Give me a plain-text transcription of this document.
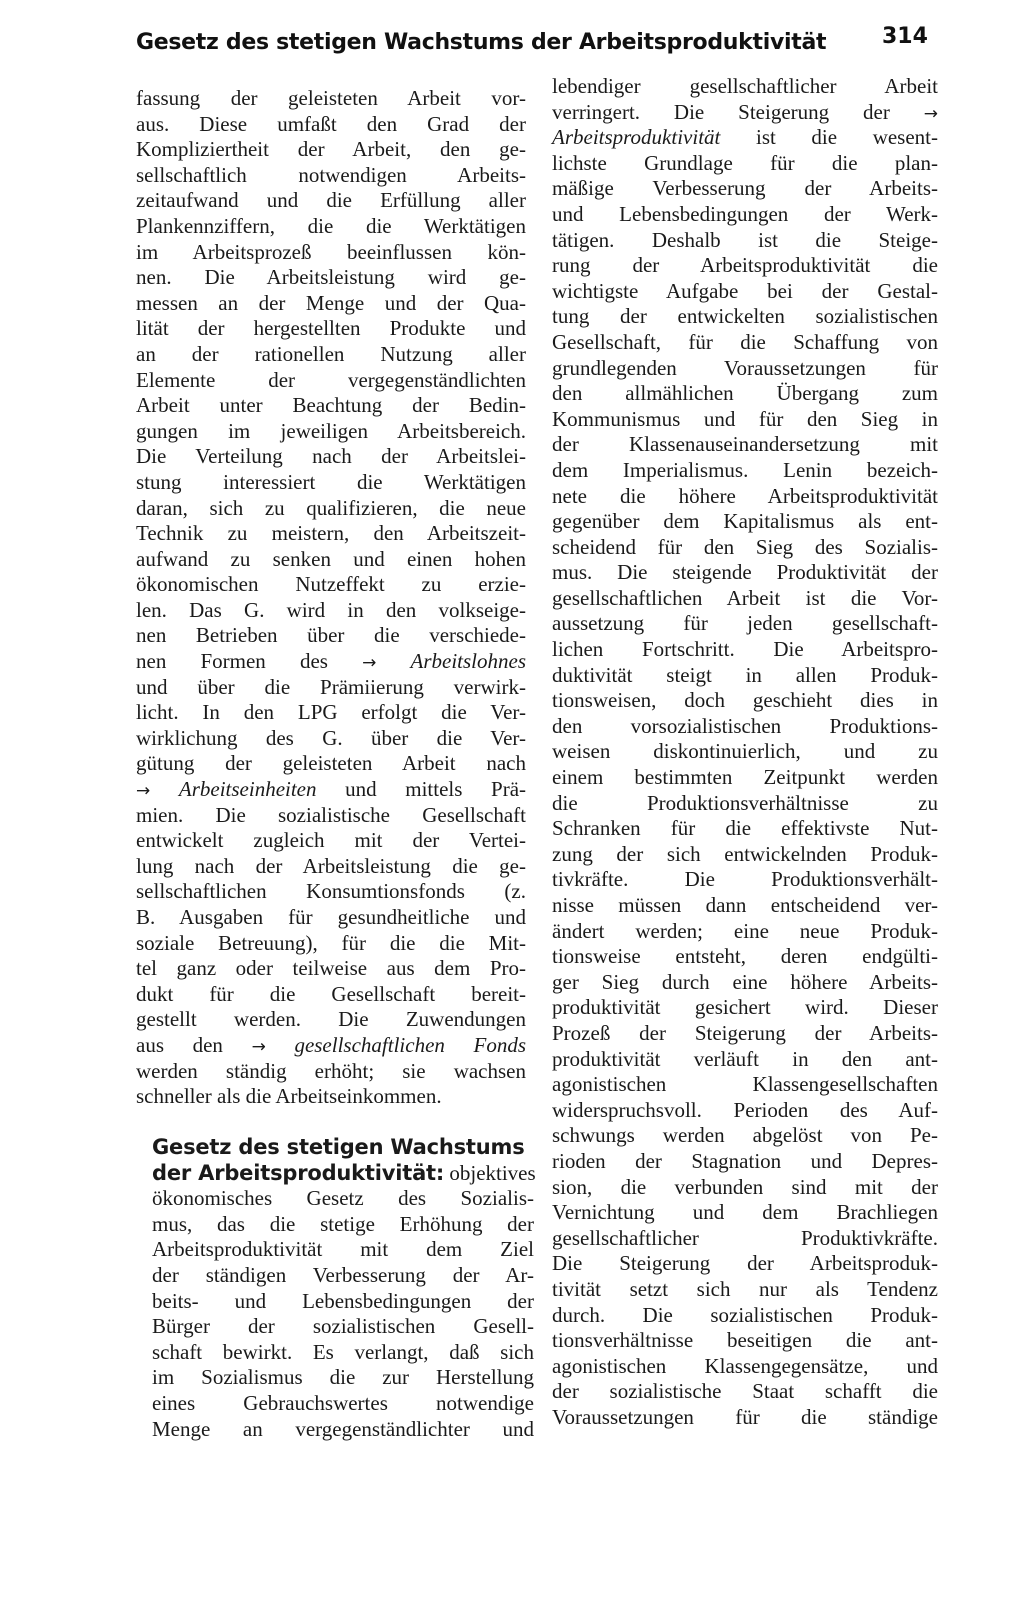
Gesetz des stetigen Wachstums der Arbeitsproduktivität	314
fassung der geleisteten Arbeit vor-
aus. Diese umfaßt den Grad der
Kompliziertheit der Arbeit, den ge-
sellschaftlich notwendigen Arbeits-
zeitaufwand und die Erfüllung aller
Plankennziffern, die die Werktätigen
im Arbeitsprozeß beeinflussen kön-
nen. Die Arbeitsleistung wird ge-
messen an der Menge und der Qua-
lität der hergestellten Produkte und
an der rationellen Nutzung aller
Elemente der vergegenständlichten
Arbeit unter Beachtung der Bedin-
gungen im jeweiligen Arbeitsbereich.
Die Verteilung nach der Arbeitslei-
stung interessiert die Werktätigen
daran, sich zu qualifizieren, die neue
Technik zu meistern, den Arbeitszeit-
aufwand zu senken und einen hohen
ökonomischen Nutzeffekt zu erzie-
len. Das G. wird in den volkseige-
nen Betrieben über die verschiede-
nen Formen des → Arbeitslohnes
und über die Prämiierung verwirk-
licht. In den LPG erfolgt die Ver-
wirklichung des G. über die Ver-
gütung der geleisteten Arbeit nach
→ Arbeitseinheiten und mittels Prä-
mien. Die sozialistische Gesellschaft
entwickelt zugleich mit der Vertei-
lung nach der Arbeitsleistung die ge-
sellschaftlichen Konsumtionsfonds (z.
B. Ausgaben für gesundheitliche und
soziale Betreuung), für die die Mit-
tel ganz oder teilweise aus dem Pro-
dukt für die Gesellschaft bereit-
gestellt werden. Die Zuwendungen
aus den → gesellschaftlichen Fonds
werden ständig erhöht; sie wachsen
schneller als die Arbeitseinkommen.
Gesetz des stetigen Wachstums
der Arbeitsproduktivität: objektives
ökonomisches Gesetz des Sozialis-
mus, das die stetige Erhöhung der
Arbeitsproduktivität mit dem Ziel
der ständigen Verbesserung der Ar-
beits- und Lebensbedingungen der
Bürger der sozialistischen Gesell-
schaft bewirkt. Es verlangt, daß sich
im Sozialismus die zur Herstellung
eines Gebrauchswertes notwendige
Menge an vergegenständlichter und
lebendiger gesellschaftlicher Arbeit
verringert. Die Steigerung der →
Arbeitsproduktivität ist die wesent-
lichste Grundlage für die plan-
mäßige Verbesserung der Arbeits-
und Lebensbedingungen der Werk-
tätigen. Deshalb ist die Steige-
rung der Arbeitsproduktivität die
wichtigste Aufgabe bei der Gestal-
tung der entwickelten sozialistischen
Gesellschaft, für die Schaffung von
grundlegenden Voraussetzungen für
den allmählichen Übergang zum
Kommunismus und für den Sieg in
der Klassenauseinandersetzung mit
dem Imperialismus. Lenin bezeich-
nete die höhere Arbeitsproduktivität
gegenüber dem Kapitalismus als ent-
scheidend für den Sieg des Sozialis-
mus. Die steigende Produktivität der
gesellschaftlichen Arbeit ist die Vor-
aussetzung für jeden gesellschaft-
lichen Fortschritt. Die Arbeitspro-
duktivität steigt in allen Produk-
tionsweisen, doch geschieht dies in
den vorsozialistischen Produktions-
weisen diskontinuierlich, und zu
einem bestimmten Zeitpunkt werden
die Produktionsverhältnisse zu
Schranken für die effektivste Nut-
zung der sich entwickelnden Produk-
tivkräfte. Die Produktionsverhält-
nisse müssen dann entscheidend ver-
ändert werden; eine neue Produk-
tionsweise entsteht, deren endgülti-
ger Sieg durch eine höhere Arbeits-
produktivität gesichert wird. Dieser
Prozeß der Steigerung der Arbeits-
produktivität verläuft in den ant-
agonistischen Klassengesellschaften
widerspruchsvoll. Perioden des Auf-
schwungs werden abgelöst von Pe-
rioden der Stagnation und Depres-
sion, die verbunden sind mit der
Vernichtung und dem Brachliegen
gesellschaftlicher Produktivkräfte.
Die Steigerung der Arbeitsproduk-
tivität setzt sich nur als Tendenz
durch. Die sozialistischen Produk-
tionsverhältnisse beseitigen die ant-
agonistischen Klassengegensätze, und
der sozialistische Staat schafft die
Voraussetzungen für die ständige
